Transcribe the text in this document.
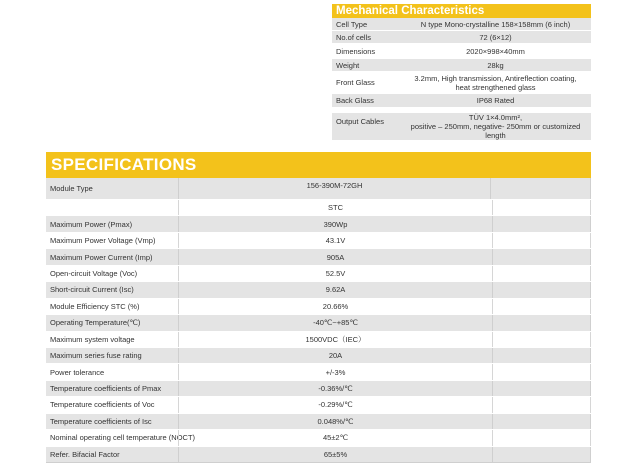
Mechanical Characteristics
Cell Type	N type Mono-crystalline 158×158mm (6 inch)
No.of cells	72 (6×12)
Dimensions	2020×998×40mm
Weight	28kg
Front Glass	3.2mm, High transmission, Antireflection coating,
heat strengthened glass
Back Glass	IP68 Rated
Output Cables	TÜV 1×4.0mm²,
positive – 250mm, negative- 250mm or customized length
SPECIFICATIONS
Module Type	156-390M-72GH
STC
Maximum Power (Pmax)	390Wp
Maximum Power Voltage (Vmp)	43.1V
Maximum Power Current (Imp)	905A
Open-circuit Voltage (Voc)	52.5V
Short-circuit Current (Isc)	9.62A
Module Efficiency STC (%)	20.66%
Operating Temperature(℃)	-40℃~+85℃
Maximum system voltage	1500VDC（IEC）
Maximum series fuse rating	20A
Power tolerance	+/-3%
Temperature coefficients of Pmax	-0.36%/℃
Temperature coefficients of Voc	-0.29%/℃
Temperature coefficients of Isc	0.048%/℃
Nominal operating cell temperature (NOCT)	45±2℃
Refer. Bifacial Factor	65±5%
